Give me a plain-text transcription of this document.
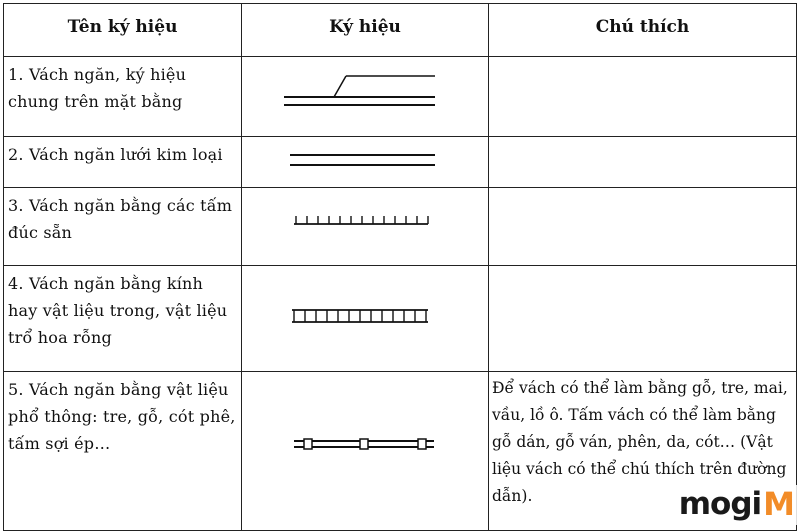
Tên ký hiệu	Ký hiệu	Chú thích
1. Vách ngăn, ký hiệu chung trên mặt bằng	

2. Vách ngăn lưới kim loại	

3. Vách ngăn bằng các tấm đúc sẵn	

4. Vách ngăn bằng kính hay vật liệu trong, vật liệu trổ hoa rỗng	

5. Vách ngăn bằng vật liệu phổ thông: tre, gỗ, cót phê, tấm sợi ép…		Để vách có thể làm bằng gỗ, tre, mai, vầu, lồ ô. Tấm vách có thể làm bằng gỗ dán, gỗ ván, phên, da, cót… (Vật liệu vách có thể chú thích trên đường dẫn).	mogi M
